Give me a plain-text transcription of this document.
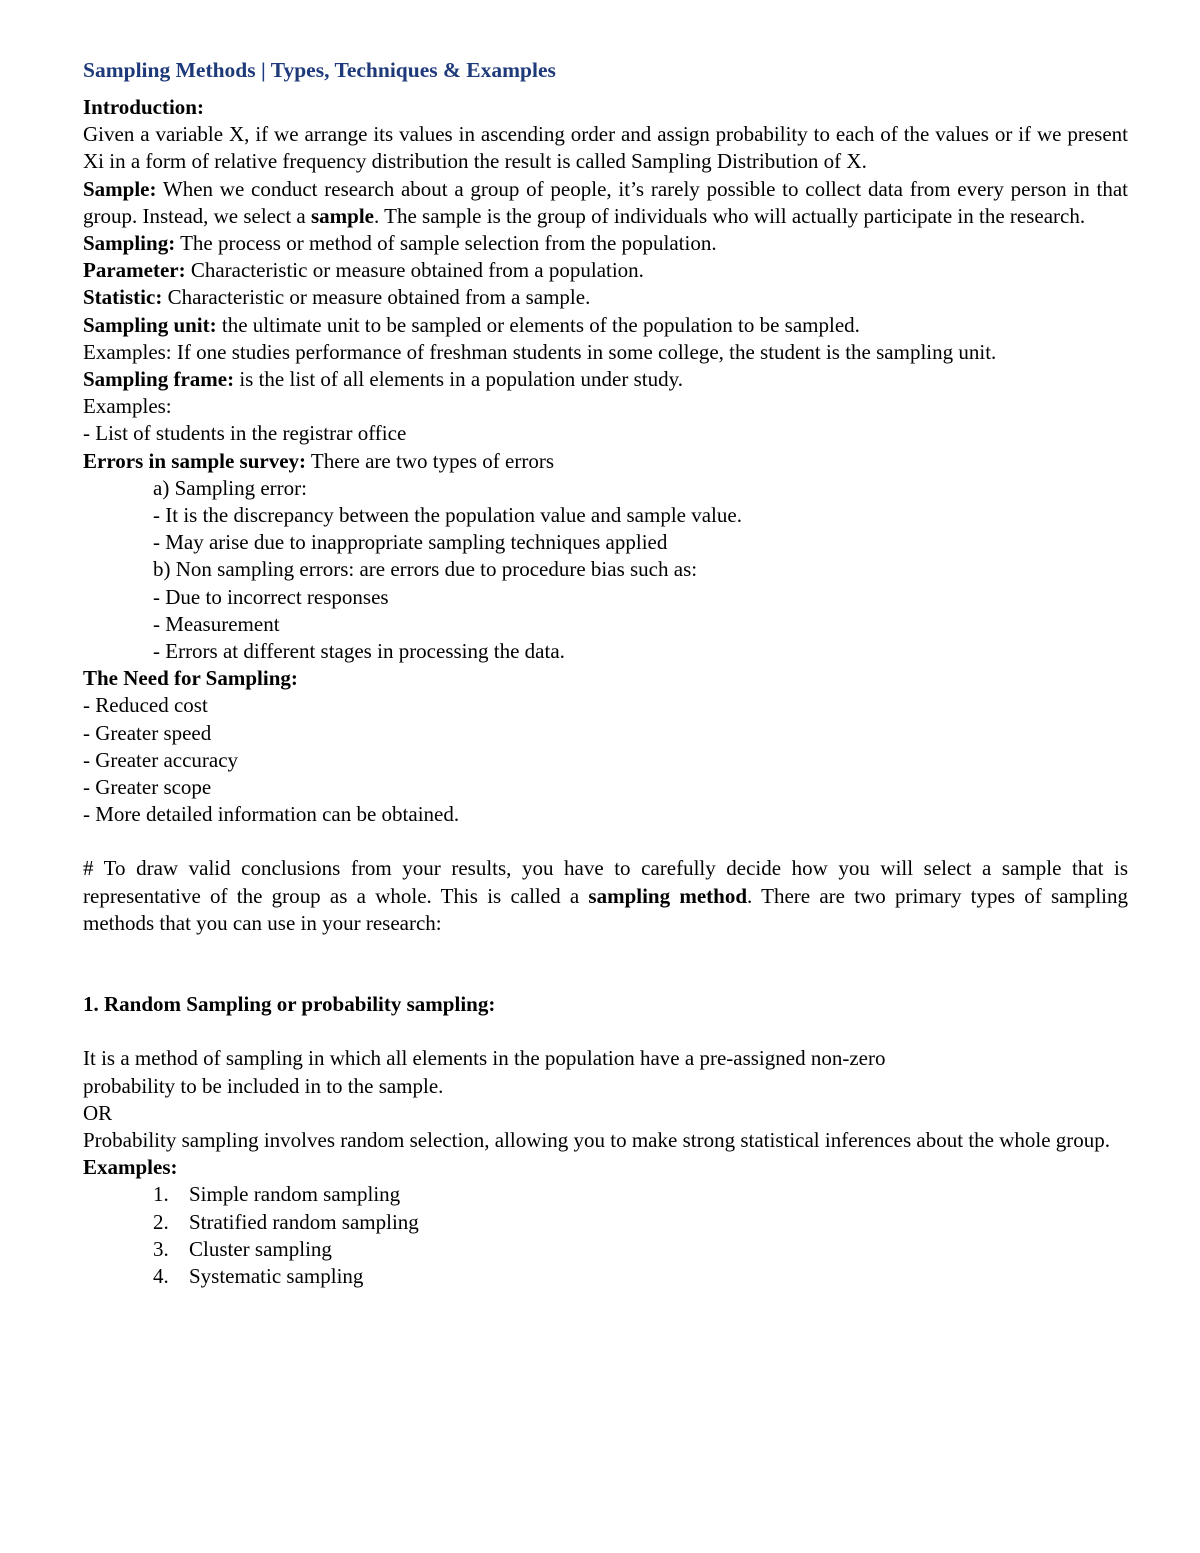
Sampling Methods | Types, Techniques & Examples
Introduction:
Given a variable X, if we arrange its values in ascending order and assign probability to each of the values or if we present Xi in a form of relative frequency distribution the result is called Sampling Distribution of X.
Sample: When we conduct research about a group of people, it’s rarely possible to collect data from every person in that group. Instead, we select a sample. The sample is the group of individuals who will actually participate in the research.
Sampling: The process or method of sample selection from the population.
Parameter: Characteristic or measure obtained from a population.
Statistic: Characteristic or measure obtained from a sample.
Sampling unit: the ultimate unit to be sampled or elements of the population to be sampled.
Examples: If one studies performance of freshman students in some college, the student is the sampling unit.
Sampling frame: is the list of all elements in a population under study.
Examples:
- List of students in the registrar office
Errors in sample survey: There are two types of errors
a) Sampling error:
- It is the discrepancy between the population value and sample value.
- May arise due to inappropriate sampling techniques applied
b) Non sampling errors: are errors due to procedure bias such as:
- Due to incorrect responses
- Measurement
- Errors at different stages in processing the data.
The Need for Sampling:
- Reduced cost
- Greater speed
- Greater accuracy
- Greater scope
- More detailed information can be obtained.
# To draw valid conclusions from your results, you have to carefully decide how you will select a sample that is representative of the group as a whole. This is called a sampling method. There are two primary types of sampling methods that you can use in your research:
1. Random Sampling or probability sampling:
It is a method of sampling in which all elements in the population have a pre-assigned non-zero
probability to be included in to the sample.
OR
Probability sampling involves random selection, allowing you to make strong statistical inferences about the whole group.
Examples:
1. Simple random sampling
2. Stratified random sampling
3. Cluster sampling
4. Systematic sampling
